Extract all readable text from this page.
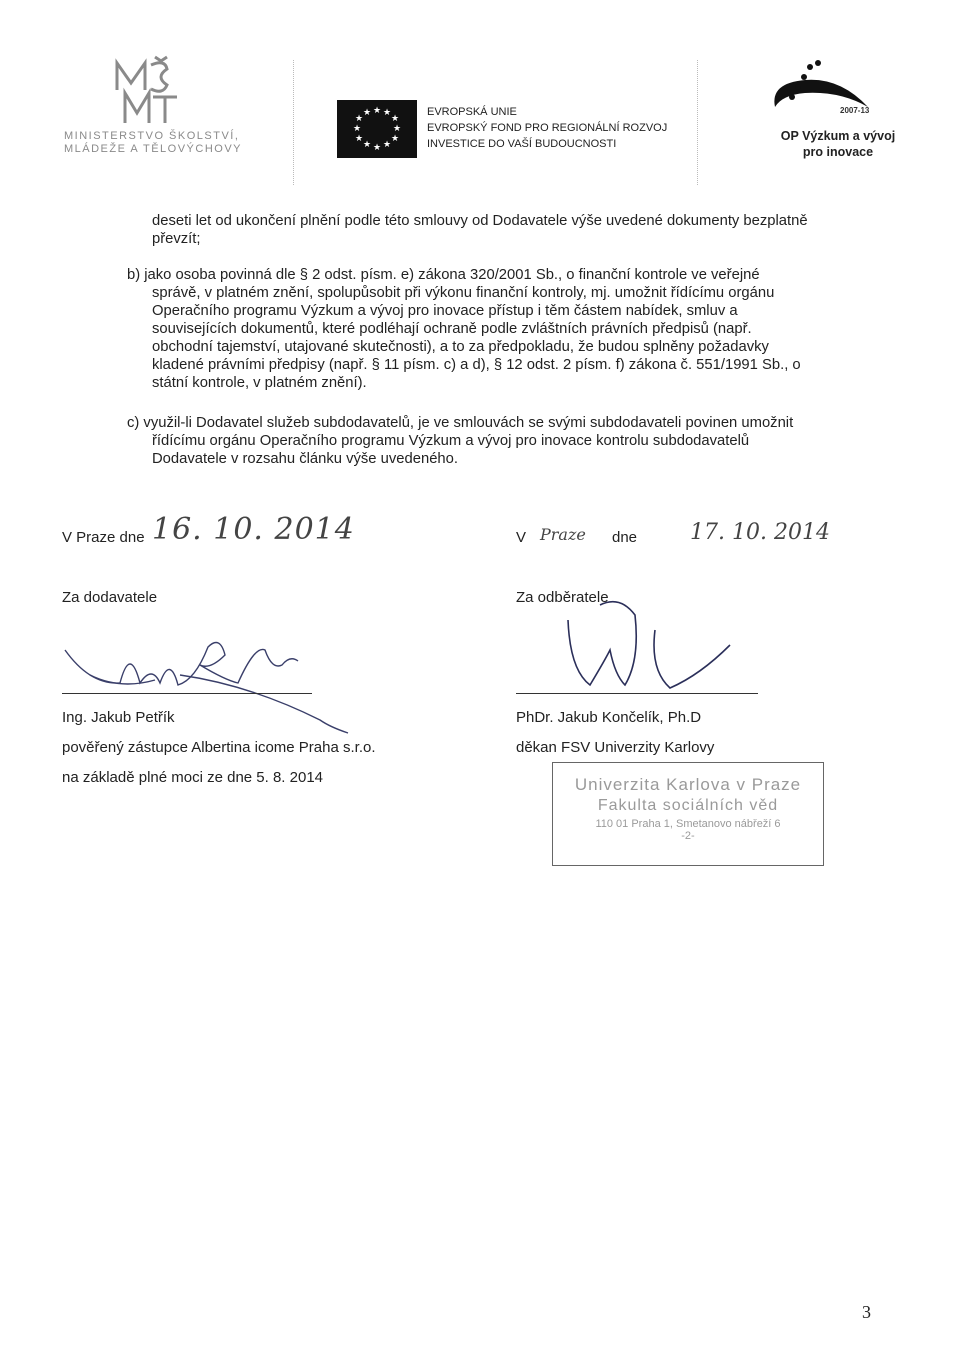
MINISTERSTVO ŠKOLSTVÍ,
MLÁDEŽE A TĚLOVÝCHOVY
★ ★
★
★
★
★
★
★
★
★
★
★	EVROPSKÁ UNIE
EVROPSKÝ FOND PRO REGIONÁLNÍ ROZVOJ
INVESTICE DO VAŠÍ BUDOUCNOSTI
2007-13
OP Výzkum a vývoj
pro inovace
deseti let od ukončení plnění podle této smlouvy od Dodavatele výše uvedené dokumenty bezplatně
převzít;
b) jako osoba povinná dle § 2 odst. písm. e) zákona 320/2001 Sb., o finanční kontrole ve veřejné
správě, v platném znění, spolupůsobit při výkonu finanční kontroly, mj. umožnit řídícímu orgánu
Operačního programu Výzkum a vývoj pro inovace přístup i těm částem nabídek, smluv a
souvisejících dokumentů, které podléhají ochraně podle zvláštních právních předpisů (např.
obchodní tajemství, utajované skutečnosti), a to za předpokladu, že budou splněny požadavky
kladené právními předpisy (např. § 11 písm. c) a d), § 12 odst. 2 písm. f) zákona č. 551/1991 Sb., o
státní kontrole, v platném znění).
c) využil-li Dodavatel služeb subdodavatelů, je ve smlouvách se svými subdodavateli povinen umožnit
řídícímu orgánu Operačního programu Výzkum a vývoj pro inovace kontrolu subdodavatelů
Dodavatele v rozsahu článku výše uvedeného.
V Praze dne 16. 10. 2014
Za dodavatele
Ing. Jakub Petřík
pověřený zástupce Albertina icome Praha s.r.o.
na základě plné moci ze dne 5. 8. 2014
V Praze dne 17. 10. 2014
Za odběratele
PhDr. Jakub Končelík, Ph.D
děkan FSV Univerzity Karlovy
Univerzita Karlova v Praze
Fakulta sociálních věd
110 01 Praha 1, Smetanovo nábřeží 6
-2-
3
